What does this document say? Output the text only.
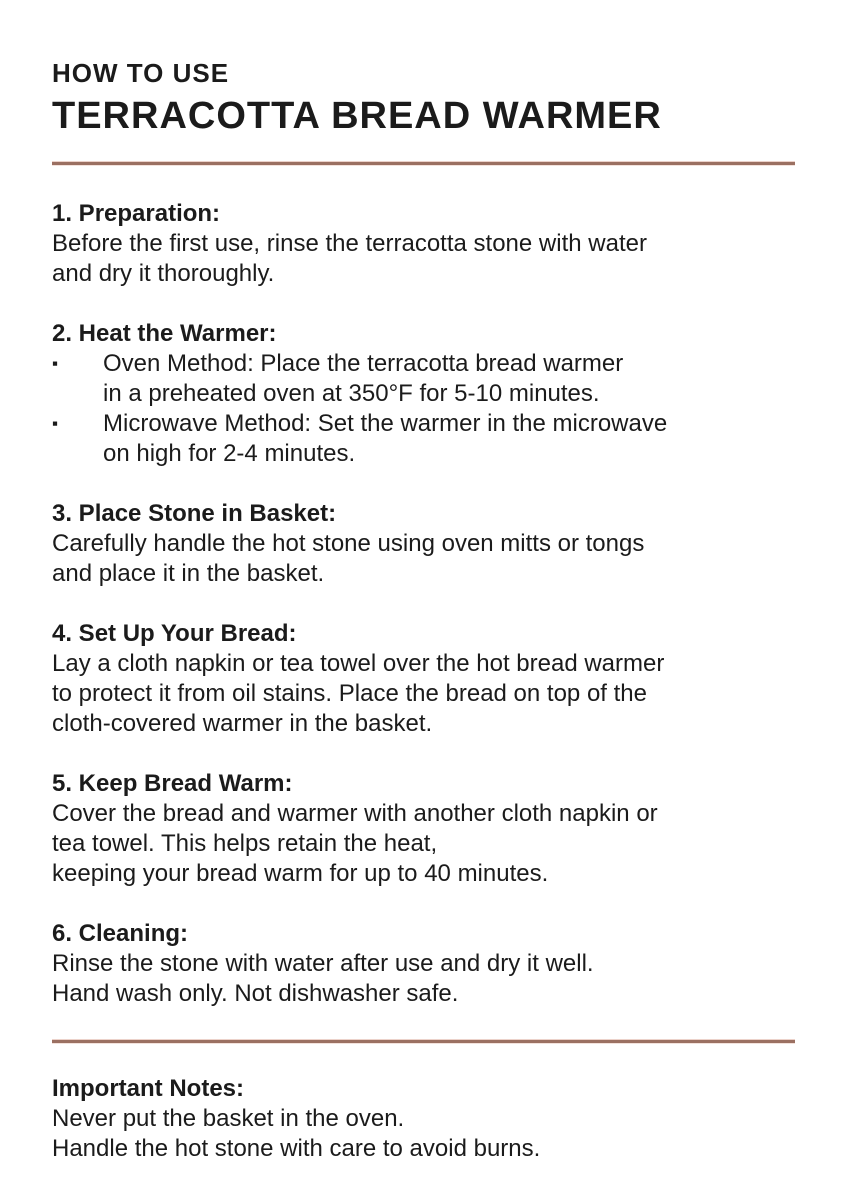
HOW TO USE
TERRACOTTA BREAD WARMER
1. Preparation:
Before the first use, rinse the terracotta stone with water
and dry it thoroughly.
2. Heat the Warmer:
▪	Oven Method: Place the terracotta bread warmer
in a preheated oven at 350°F for 5-10 minutes.
▪	Microwave Method: Set the warmer in the microwave
on high for 2-4 minutes.
3. Place Stone in Basket:
Carefully handle the hot stone using oven mitts or tongs
and place it in the basket.
4. Set Up Your Bread:
Lay a cloth napkin or tea towel over the hot bread warmer
to protect it from oil stains. Place the bread on top of the
cloth-covered warmer in the basket.
5. Keep Bread Warm:
Cover the bread and warmer with another cloth napkin or
tea towel. This helps retain the heat,
keeping your bread warm for up to 40 minutes.
6. Cleaning:
Rinse the stone with water after use and dry it well.
Hand wash only. Not dishwasher safe.
Important Notes:
Never put the basket in the oven.
Handle the hot stone with care to avoid burns.
